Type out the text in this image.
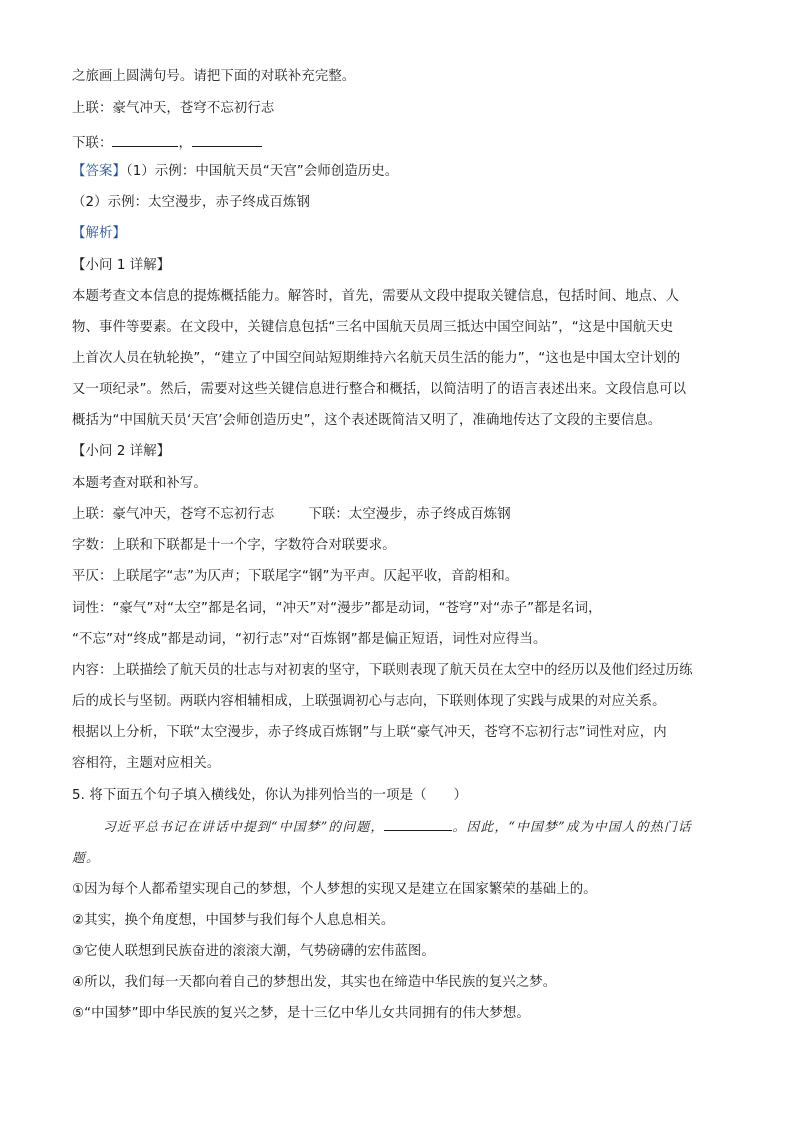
之旅画上圆满句号。请把下面的对联补充完整。
上联：豪气冲天，苍穹不忘初行志
下联：	，
【答案】（1）示例：中国航天员“天宫”会师创造历史。
（2）示例：太空漫步，赤子终成百炼钢
【解析】
【小问 1 详解】
本题考查文本信息的提炼概括能力。解答时，首先，需要从文段中提取关键信息，包括时间、地点、人
物、事件等要素。在文段中，关键信息包括“三名中国航天员周三抵达中国空间站”，“这是中国航天史
上首次人员在轨轮换”，“建立了中国空间站短期维持六名航天员生活的能力”，“这也是中国太空计划的
又一项纪录”。然后，需要对这些关键信息进行整合和概括，以简洁明了的语言表述出来。文段信息可以
概括为“中国航天员‘天宫’会师创造历史”，这个表述既简洁又明了，准确地传达了文段的主要信息。
【小问 2 详解】
本题考查对联和补写。
上联：豪气冲天，苍穹不忘初行志	下联：太空漫步，赤子终成百炼钢
字数：上联和下联都是十一个字，字数符合对联要求。
平仄：上联尾字“志”为仄声；下联尾字“钢”为平声。仄起平收，音韵相和。
词性：“豪气”对“太空”都是名词，“冲天”对“漫步”都是动词，“苍穹”对“赤子”都是名词，
“不忘”对“终成”都是动词，“初行志”对“百炼钢”都是偏正短语，词性对应得当。
内容：上联描绘了航天员的壮志与对初衷的坚守，下联则表现了航天员在太空中的经历以及他们经过历练
后的成长与坚韧。两联内容相辅相成，上联强调初心与志向，下联则体现了实践与成果的对应关系。
根据以上分析，下联“太空漫步，赤子终成百炼钢”与上联“豪气冲天，苍穹不忘初行志”词性对应，内
容相符，主题对应相关。
5. 将下面五个句子填入横线处，你认为排列恰当的一项是（　　）
习近平总书记在讲话中提到“中国梦”的问题，	。因此，“中国梦”成为中国人的热门话
题。
①因为每个人都希望实现自己的梦想，个人梦想的实现又是建立在国家繁荣的基础上的。
②其实，换个角度想，中国梦与我们每个人息息相关。
③它使人联想到民族奋进的滚滚大潮，气势磅礴的宏伟蓝图。
④所以，我们每一天都向着自己的梦想出发，其实也在缔造中华民族的复兴之梦。
⑤“中国梦”即中华民族的复兴之梦，是十三亿中华儿女共同拥有的伟大梦想。
